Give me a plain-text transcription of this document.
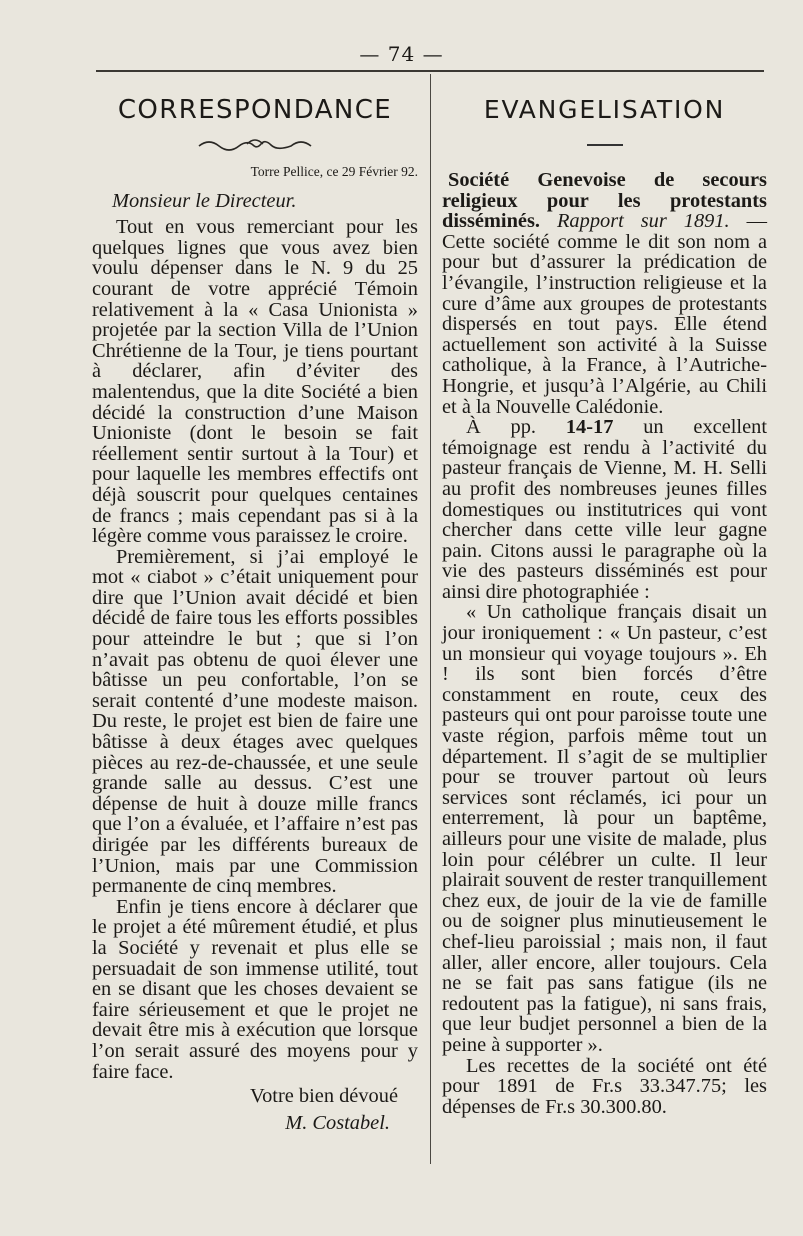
— 74 —
CORRESPONDANCE
Torre Pellice, ce 29 Février 92.
Monsieur le Directeur.

Tout en vous remerciant pour les quelques lignes que vous avez bien voulu dépenser dans le N. 9 du 25 courant de votre apprécié Témoin relativement à la « Casa Unionista » projetée par la section Villa de l’Union Chrétienne de la Tour, je tiens pourtant à déclarer, afin d’éviter des malentendus, que la dite Société a bien décidé la construction d’une Maison Unioniste (dont le besoin se fait réellement sentir surtout à la Tour) et pour laquelle les membres effectifs ont déjà souscrit pour quelques centaines de francs ; mais cependant pas si à la légère comme vous paraissez le croire.

Premièrement, si j’ai employé le mot « ciabot » c’était uniquement pour dire que l’Union avait décidé et bien décidé de faire tous les efforts possibles pour atteindre le but ; que si l’on n’avait pas obtenu de quoi élever une bâtisse un peu confortable, l’on se serait contenté d’une modeste maison. Du reste, le projet est bien de faire une bâtisse à deux étages avec quelques pièces au rez-de-chaussée, et une seule grande salle au dessus. C’est une dépense de huit à douze mille francs que l’on a évaluée, et l’affaire n’est pas dirigée par les différents bureaux de l’Union, mais par une Commission permanente de cinq membres.

Enfin je tiens encore à déclarer que le projet a été mûrement étudié, et plus la Société y revenait et plus elle se persuadait de son immense utilité, tout en se disant que les choses devaient se faire sérieusement et que le projet ne devait être mis à exécution que lorsque l’on serait assuré des moyens pour y faire face.

Votre bien dévoué
M. Costabel.
EVANGELISATION

Société Genevoise de secours religieux pour les protestants disséminés. Rapport sur 1891. — Cette société comme le dit son nom a pour but d’assurer la prédication de l’évangile, l’instruction religieuse et la cure d’âme aux groupes de protestants dispersés en tout pays. Elle étend actuellement son activité à la Suisse catholique, à la France, à l’Autriche-Hongrie, et jusqu’à l’Algérie, au Chili et à la Nouvelle Calédonie.

À pp. 14-17 un excellent témoignage est rendu à l’activité du pasteur français de Vienne, M. H. Selli au profit des nombreuses jeunes filles domestiques ou institutrices qui vont chercher dans cette ville leur gagne pain. Citons aussi le paragraphe où la vie des pasteurs disséminés est pour ainsi dire photographiée :

« Un catholique français disait un jour ironiquement : « Un pasteur, c’est un monsieur qui voyage toujours ». Eh ! ils sont bien forcés d’être constamment en route, ceux des pasteurs qui ont pour paroisse toute une vaste région, parfois même tout un département. Il s’agit de se multiplier pour se trouver partout où leurs services sont réclamés, ici pour un enterrement, là pour un baptême, ailleurs pour une visite de malade, plus loin pour célébrer un culte. Il leur plairait souvent de rester tranquillement chez eux, de jouir de la vie de famille ou de soigner plus minutieusement le chef-lieu paroissial ; mais non, il faut aller, aller encore, aller toujours. Cela ne se fait pas sans fatigue (ils ne redoutent pas la fatigue), ni sans frais, que leur budjet personnel a bien de la peine à supporter ».

Les recettes de la société ont été pour 1891 de Fr.s 33.347.75; les dépenses de Fr.s 30.300.80.
